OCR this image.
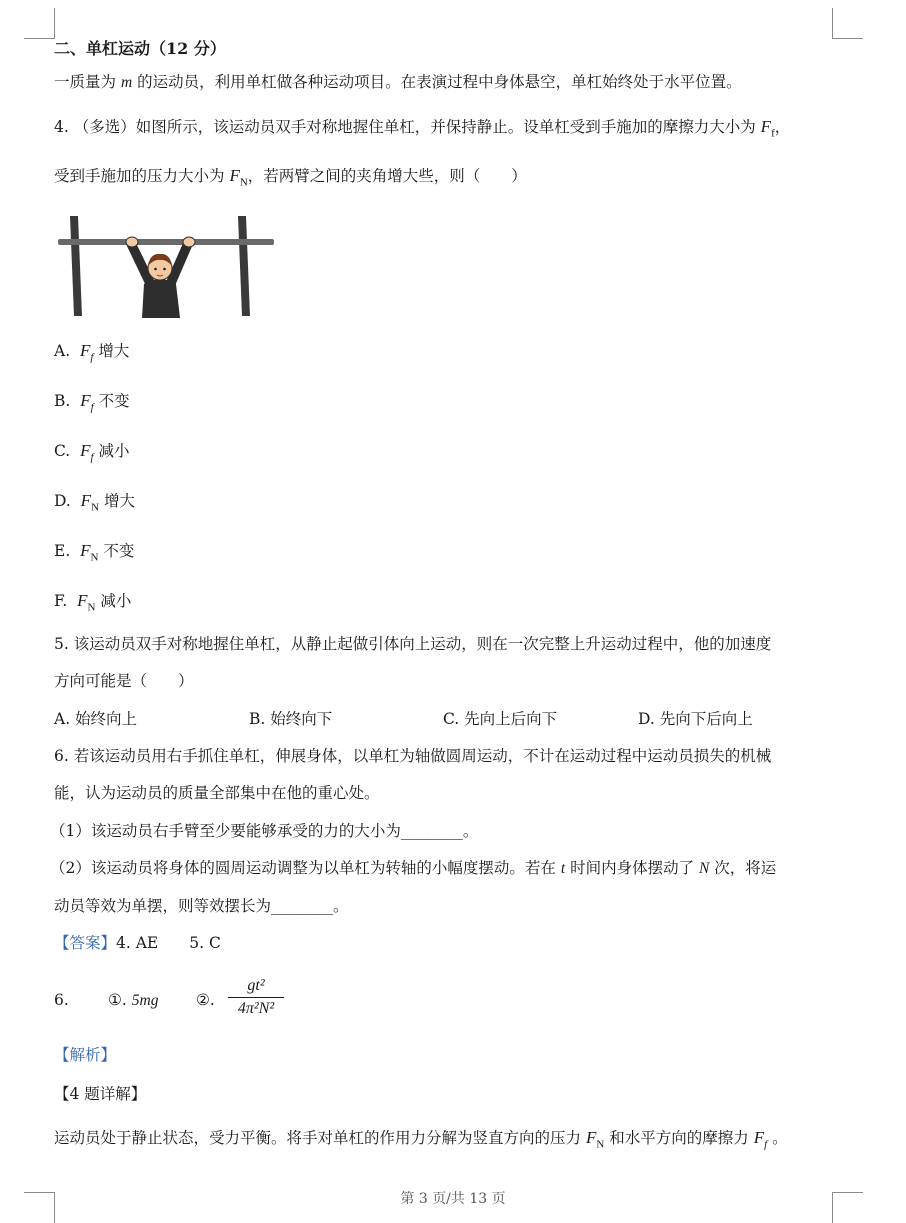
二、单杠运动（12 分）
一质量为 m 的运动员，利用单杠做各种运动项目。在表演过程中身体悬空，单杠始终处于水平位置。
4. （多选）如图所示，该运动员双手对称地握住单杠，并保持静止。设单杠受到手施加的摩擦力大小为 $F_f$，
受到手施加的压力大小为 $F_N$，若两臂之间的夹角增大些，则（　　）
A. $F_f$ 增大
B. $F_f$ 不变
C. $F_f$ 减小
D. $F_N$ 增大
E. $F_N$ 不变
F. $F_N$ 减小
5. 该运动员双手对称地握住单杠，从静止起做引体向上运动，则在一次完整上升运动过程中，他的加速度
方向可能是（　　）
A. 始终向上	B. 始终向下	C. 先向上后向下	D. 先向下后向上
6. 若该运动员用右手抓住单杠，伸展身体，以单杠为轴做圆周运动，不计在运动过程中运动员损失的机械
能，认为运动员的质量全部集中在他的重心处。
（1）该运动员右手臂至少要能够承受的力的大小为________。
（2）该运动员将身体的圆周运动调整为以单杠为转轴的小幅度摆动。若在 t 时间内身体摆动了 N 次，将运
动员等效为单摆，则等效摆长为________。
【答案】4. AE　　5. C
6.	①. 5mg ②.
gt²
4π²N²
【解析】
【4 题详解】
运动员处于静止状态，受力平衡。将手对单杠的作用力分解为竖直方向的压力 $F_N$ 和水平方向的摩擦力 $F_f$ 。
第 3 页/共 13 页
